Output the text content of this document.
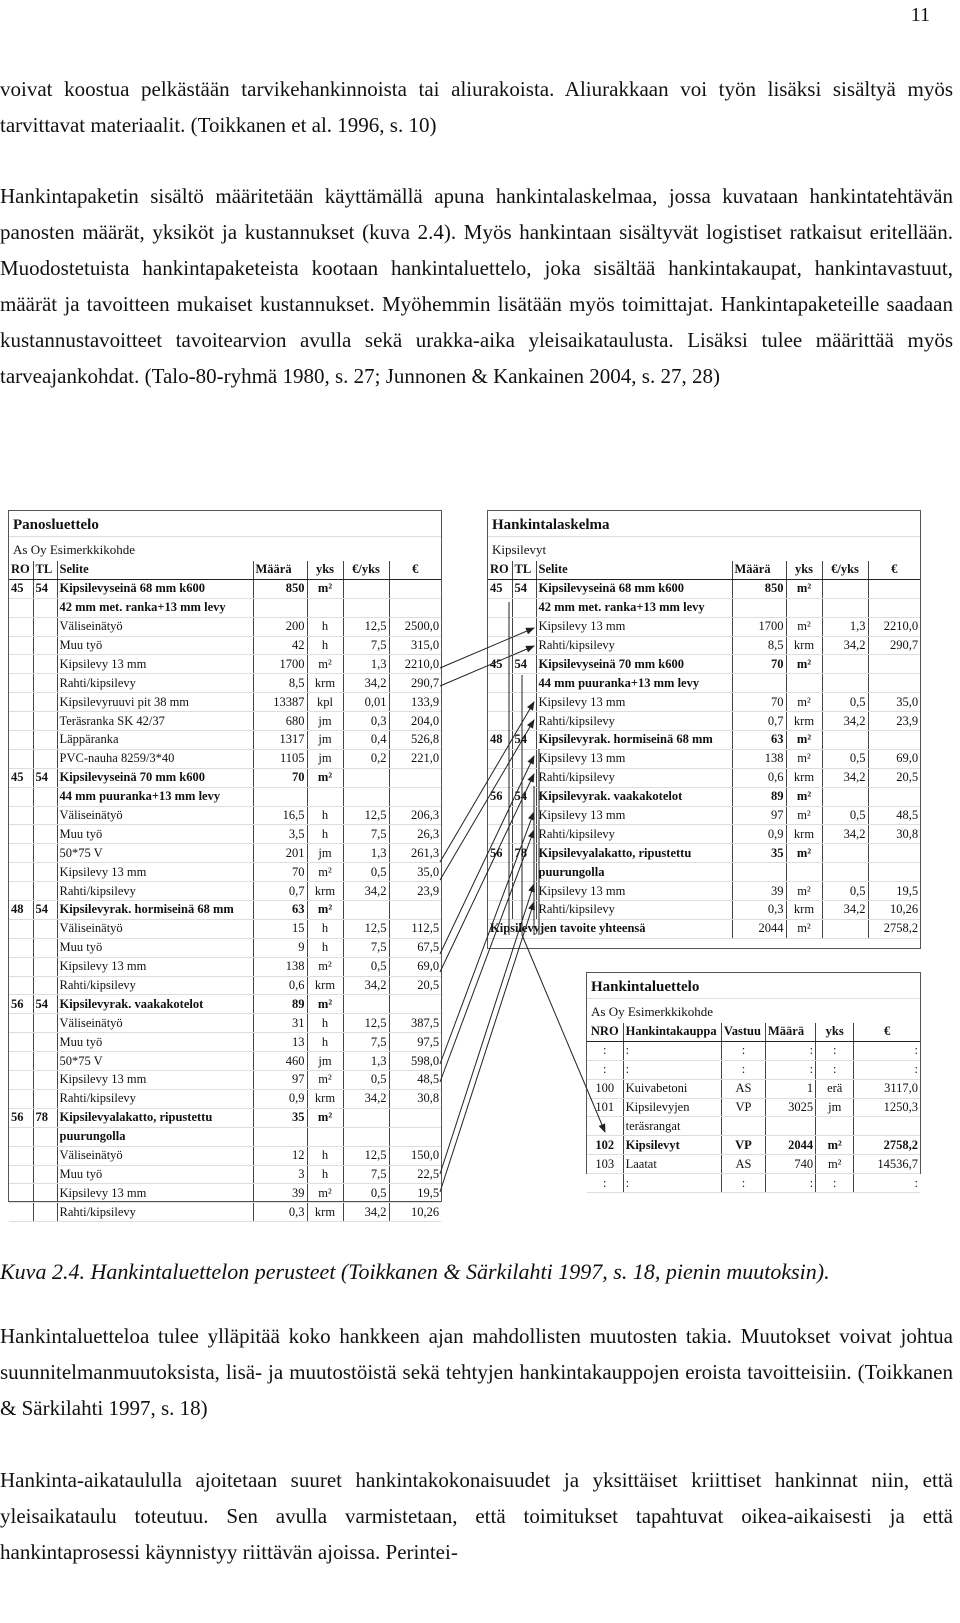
11

voivat koostua pelkästään tarvikehankinnoista tai aliurakoista. Aliurakkaan voi työn lisäksi sisältyä myös tarvittavat materiaalit. (Toikkanen et al. 1996, s. 10)

Hankintapaketin sisältö määritetään käyttämällä apuna hankintalaskelmaa, jossa kuvataan hankintatehtävän panosten määrät, yksiköt ja kustannukset (kuva 2.4). Myös hankintaan sisältyvät logistiset ratkaisut eritellään. Muodostetuista hankintapaketeista kootaan hankintaluettelo, joka sisältää hankintakaupat, hankintavastuut, määrät ja tavoitteen mukaiset kustannukset. Myöhemmin lisätään myös toimittajat. Hankintapaketeille saadaan kustannustavoitteet tavoitearvion avulla sekä urakka-aika yleisaikataulusta. Lisäksi tulee määrittää myös tarveajankohdat. (Talo-80-ryhmä 1980, s. 27; Junnonen & Kankainen 2004, s. 27, 28)

Panosluettelo						
As Oy Esimerkkikohde						
RO	TL	Selite	Määrä	yks	€/yks	€
45	54	Kipsilevyseinä 68 mm k600	850	m²		
		42 mm met. ranka+13 mm levy				
		Väliseinätyö	200	h	12,5	2500,0
		Muu työ	42	h	7,5	315,0
		Kipsilevy 13 mm	1700	m²	1,3	2210,0
		Rahti/kipsilevy	8,5	krm	34,2	290,7
		Kipsilevyruuvi pit 38 mm	13387	kpl	0,01	133,9
		Teräsranka SK 42/37	680	jm	0,3	204,0
		Läppäranka	1317	jm	0,4	526,8
		PVC-nauha 8259/3*40	1105	jm	0,2	221,0
45	54	Kipsilevyseinä 70 mm k600	70	m²		
		44 mm puuranka+13 mm levy				
		Väliseinätyö	16,5	h	12,5	206,3
		Muu työ	3,5	h	7,5	26,3
		50*75 V	201	jm	1,3	261,3
		Kipsilevy 13 mm	70	m²	0,5	35,0
		Rahti/kipsilevy	0,7	krm	34,2	23,9
48	54	Kipsilevyrak. hormiseinä 68 mm	63	m²		
		Väliseinätyö	15	h	12,5	112,5
		Muu työ	9	h	7,5	67,5
		Kipsilevy 13 mm	138	m²	0,5	69,0
		Rahti/kipsilevy	0,6	krm	34,2	20,5
56	54	Kipsilevyrak. vaakakotelot	89	m²		
		Väliseinätyö	31	h	12,5	387,5
		Muu työ	13	h	7,5	97,5
		50*75 V	460	jm	1,3	598,0
		Kipsilevy 13 mm	97	m²	0,5	48,5
		Rahti/kipsilevy	0,9	krm	34,2	30,8
56	78	Kipsilevyalakatto, ripustettu	35	m²		
		puurungolla				
		Väliseinätyö	12	h	12,5	150,0
		Muu työ	3	h	7,5	22,5
		Kipsilevy 13 mm	39	m²	0,5	19,5
		Rahti/kipsilevy	0,3	krm	34,2	10,26
Hankintalaskelma						
Kipsilevyt						
RO	TL	Selite	Määrä	yks	€/yks	€
45	54	Kipsilevyseinä 68 mm k600	850	m²		
		42 mm met. ranka+13 mm levy				
		Kipsilevy 13 mm	1700	m²	1,3	2210,0
		Rahti/kipsilevy	8,5	krm	34,2	290,7
45	54	Kipsilevyseinä 70 mm k600	70	m²		
		44 mm puuranka+13 mm levy				
		Kipsilevy 13 mm	70	m²	0,5	35,0
		Rahti/kipsilevy	0,7	krm	34,2	23,9
48	54	Kipsilevyrak. hormiseinä 68 mm	63	m²		
		Kipsilevy 13 mm	138	m²	0,5	69,0
		Rahti/kipsilevy	0,6	krm	34,2	20,5
56	54	Kipsilevyrak. vaakakotelot	89	m²		
		Kipsilevy 13 mm	97	m²	0,5	48,5
		Rahti/kipsilevy	0,9	krm	34,2	30,8
56	78	Kipsilevyalakatto, ripustettu	35	m²		
		puurungolla				
		Kipsilevy 13 mm	39	m²	0,5	19,5
		Rahti/kipsilevy	0,3	krm	34,2	10,26
Kipsilevyjen tavoite yhteensä			2044	m²		2758,2
Hankintaluettelo					
As Oy Esimerkkikohde					
NRO	Hankintakauppa	Vastuu	Määrä	yks	€
:	:	:	:	:	:
:	:	:	:	:	:
100	Kuivabetoni	AS	1	erä	3117,0
101	Kipsilevyjen	VP	3025	jm	1250,3
	teräsrangat				
102	Kipsilevyt	VP	2044	m²	2758,2
103	Laatat	AS	740	m²	14536,7
:	:	:	:	:	:

Kuva 2.4. Hankintaluettelon perusteet (Toikkanen & Särkilahti 1997, s. 18, pienin muutoksin).

Hankintaluetteloa tulee ylläpitää koko hankkeen ajan mahdollisten muutosten takia. Muutokset voivat johtua suunnitelmanmuutoksista, lisä- ja muutostöistä sekä tehtyjen hankintakauppojen eroista tavoitteisiin. (Toikkanen & Särkilahti 1997, s. 18)

Hankinta-aikataululla ajoitetaan suuret hankintakokonaisuudet ja yksittäiset kriittiset hankinnat niin, että yleisaikataulu toteutuu. Sen avulla varmistetaan, että toimitukset tapahtuvat oikea-aikaisesti ja että hankintaprosessi käynnistyy riittävän ajoissa. Perintei-
